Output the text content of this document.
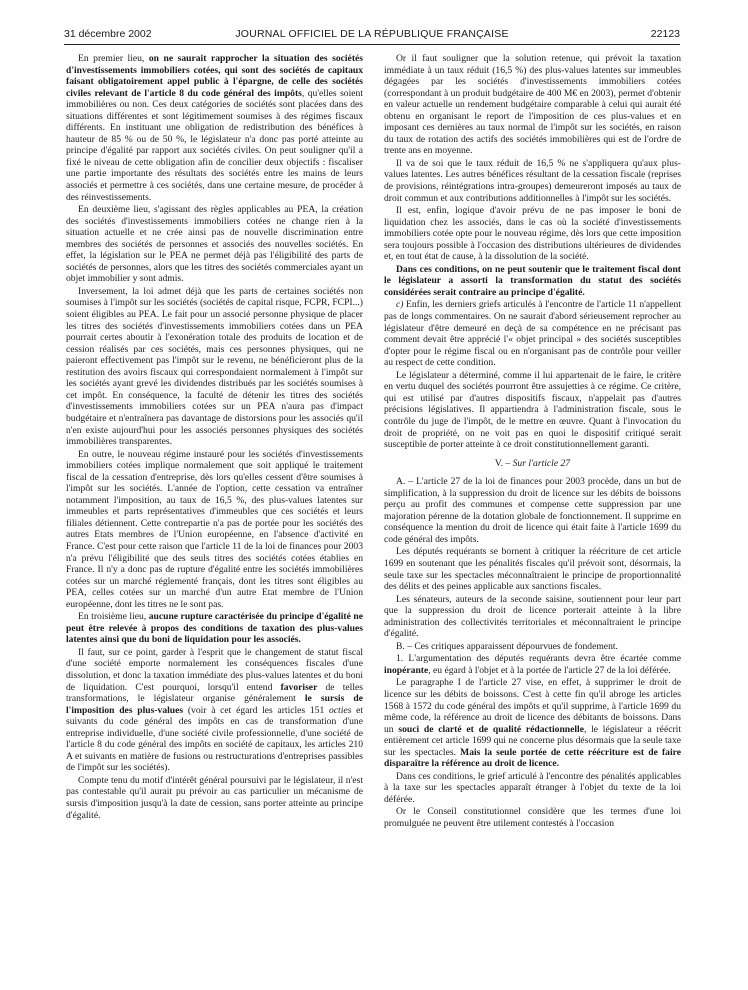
31 décembre 2002	JOURNAL OFFICIEL DE LA RÉPUBLIQUE FRANÇAISE	22123

En premier lieu, on ne saurait rapprocher la situation des sociétés d'investissements immobiliers cotées, qui sont des sociétés de capitaux faisant obligatoirement appel public à l'épargne, de celle des sociétés civiles relevant de l'article 8 du code général des impôts, qu'elles soient immobilières ou non. Ces deux catégories de sociétés sont placées dans des situations différentes et sont légitimement soumises à des régimes fiscaux différents. En instituant une obligation de redistribution des bénéfices à hauteur de 85 % ou de 50 %, le législateur n'a donc pas porté atteinte au principe d'égalité par rapport aux sociétés civiles. On peut souligner qu'il a fixé le niveau de cette obligation afin de concilier deux objectifs : fiscaliser une partie importante des résultats des sociétés entre les mains de leurs associés et permettre à ces sociétés, dans une certaine mesure, de procéder à des réinvestissements.

En deuxième lieu, s'agissant des règles applicables au PEA, la création des sociétés d'investissements immobiliers cotées ne change rien à la situation actuelle et ne crée ainsi pas de nouvelle discrimination entre membres des sociétés de personnes et associés des nouvelles sociétés. En effet, la législation sur le PEA ne permet déjà pas l'éligibilité des parts de sociétés de personnes, alors que les titres des sociétés commerciales ayant un objet immobilier y sont admis.

Inversement, la loi admet déjà que les parts de certaines sociétés non soumises à l'impôt sur les sociétés (sociétés de capital risque, FCPR, FCPI...) soient éligibles au PEA. Le fait pour un associé personne physique de placer les titres des sociétés d'investissements immobiliers cotées dans un PEA pourrait certes aboutir à l'exonération totale des produits de location et de cession réalisés par ces sociétés, mais ces personnes physiques, qui ne paieront effectivement pas l'impôt sur le revenu, ne bénéficieront plus de la restitution des avoirs fiscaux qui correspondaient normalement à l'impôt sur les sociétés ayant grevé les dividendes distribués par les sociétés soumises à cet impôt. En conséquence, la faculté de détenir les titres des sociétés d'investissements immobiliers cotées sur un PEA n'aura pas d'impact budgétaire et n'entraînera pas davantage de distorsions pour les associés qu'il n'en existe aujourd'hui pour les associés personnes physiques des sociétés immobilières transparentes.

En outre, le nouveau régime instauré pour les sociétés d'investissements immobiliers cotées implique normalement que soit appliqué le traitement fiscal de la cessation d'entreprise, dès lors qu'elles cessent d'être soumises à l'impôt sur les sociétés. L'année de l'option, cette cessation va entraîner notamment l'imposition, au taux de 16,5 %, des plus-values latentes sur immeubles et parts représentatives d'immeubles que ces sociétés et leurs filiales détiennent. Cette contrepartie n'a pas de portée pour les sociétés des autres Etats membres de l'Union européenne, en l'absence d'activité en France. C'est pour cette raison que l'article 11 de la loi de finances pour 2003 n'a prévu l'éligibilité que des seuls titres des sociétés cotées établies en France. Il n'y a donc pas de rupture d'égalité entre les sociétés immobilières cotées sur un marché réglementé français, dont les titres sont éligibles au PEA, celles cotées sur un marché d'un autre Etat membre de l'Union européenne, dont les titres ne le sont pas.

En troisième lieu, aucune rupture caractérisée du principe d'égalité ne peut être relevée à propos des conditions de taxation des plus-values latentes ainsi que du boni de liquidation pour les associés.

Il faut, sur ce point, garder à l'esprit que le changement de statut fiscal d'une société emporte normalement les conséquences fiscales d'une dissolution, et donc la taxation immédiate des plus-values latentes et du boni de liquidation. C'est pourquoi, lorsqu'il entend favoriser de telles transformations, le législateur organise généralement le sursis de l'imposition des plus-values (voir à cet égard les articles 151 octies et suivants du code général des impôts en cas de transformation d'une entreprise individuelle, d'une société civile professionnelle, d'une société de l'article 8 du code général des impôts en société de capitaux, les articles 210 A et suivants en matière de fusions ou restructurations d'entreprises passibles de l'impôt sur les sociétés).

Compte tenu du motif d'intérêt général poursuivi par le législateur, il n'est pas contestable qu'il aurait pu prévoir au cas particulier un mécanisme de sursis d'imposition jusqu'à la date de cession, sans porter atteinte au principe d'égalité.

Or il faut souligner que la solution retenue, qui prévoit la taxation immédiate à un taux réduit (16,5 %) des plus-values latentes sur immeubles dégagées par les sociétés d'investissements immobiliers cotées (correspondant à un produit budgétaire de 400 M€ en 2003), permet d'obtenir en valeur actuelle un rendement budgétaire comparable à celui qui aurait été obtenu en organisant le report de l'imposition de ces plus-values et en imposant ces dernières au taux normal de l'impôt sur les sociétés, en raison du taux de rotation des actifs des sociétés immobilières qui est de l'ordre de trente ans en moyenne.

Il va de soi que le taux réduit de 16,5 % ne s'appliquera qu'aux plus-values latentes. Les autres bénéfices résultant de la cessation fiscale (reprises de provisions, réintégrations intra-groupes) demeureront imposés au taux de droit commun et aux contributions additionnelles à l'impôt sur les sociétés.

Il est, enfin, logique d'avoir prévu de ne pas imposer le boni de liquidation chez les associés, dans le cas où la société d'investissements immobiliers cotée opte pour le nouveau régime, dès lors que cette imposition sera toujours possible à l'occasion des distributions ultérieures de dividendes et, en tout état de cause, à la dissolution de la société.

Dans ces conditions, on ne peut soutenir que le traitement fiscal dont le législateur a assorti la transformation du statut des sociétés considérées serait contraire au principe d'égalité.

c) Enfin, les derniers griefs articulés à l'encontre de l'article 11 n'appellent pas de longs commentaires. On ne saurait d'abord sérieusement reprocher au législateur d'être demeuré en deçà de sa compétence en ne précisant pas comment devait être apprécié l'« objet principal » des sociétés susceptibles d'opter pour le régime fiscal ou en n'organisant pas de contrôle pour veiller au respect de cette condition.

Le législateur a déterminé, comme il lui appartenait de le faire, le critère en vertu duquel des sociétés pourront être assujetties à ce régime. Ce critère, qui est utilisé par d'autres dispositifs fiscaux, n'appelait pas d'autres précisions législatives. Il appartiendra à l'administration fiscale, sous le contrôle du juge de l'impôt, de le mettre en œuvre. Quant à l'invocation du droit de propriété, on ne voit pas en quoi le dispositif critiqué serait susceptible de porter atteinte à ce droit constitutionnellement garanti.

V. – Sur l'article 27

A. – L'article 27 de la loi de finances pour 2003 procède, dans un but de simplification, à la suppression du droit de licence sur les débits de boissons perçu au profit des communes et compense cette suppression par une majoration pérenne de la dotation globale de fonctionnement. Il supprime en conséquence la mention du droit de licence qui était faite à l'article 1699 du code général des impôts.

Les députés requérants se bornent à critiquer la réécriture de cet article 1699 en soutenant que les pénalités fiscales qu'il prévoit sont, désormais, la seule taxe sur les spectacles méconnaîtraient le principe de proportionnalité des délits et des peines applicable aux sanctions fiscales.

Les sénateurs, auteurs de la seconde saisine, soutiennent pour leur part que la suppression du droit de licence porterait atteinte à la libre administration des collectivités territoriales et méconnaîtraient le principe d'égalité.

B. – Ces critiques apparaissent dépourvues de fondement.

1. L'argumentation des députés requérants devra être écartée comme inopérante, eu égard à l'objet et à la portée de l'article 27 de la loi déférée.

Le paragraphe I de l'article 27 vise, en effet, à supprimer le droit de licence sur les débits de boissons. C'est à cette fin qu'il abroge les articles 1568 à 1572 du code général des impôts et qu'il supprime, à l'article 1699 du même code, la référence au droit de licence des débitants de boissons. Dans un souci de clarté et de qualité rédactionnelle, le législateur a réécrit entièrement cet article 1699 qui ne concerne plus désormais que la seule taxe sur les spectacles. Mais la seule portée de cette réécriture est de faire disparaître la référence au droit de licence.

Dans ces conditions, le grief articulé à l'encontre des pénalités applicables à la taxe sur les spectacles apparaît étranger à l'objet du texte de la loi déférée.

Or le Conseil constitutionnel considère que les termes d'une loi promulguée ne peuvent être utilement contestés à l'occasion
